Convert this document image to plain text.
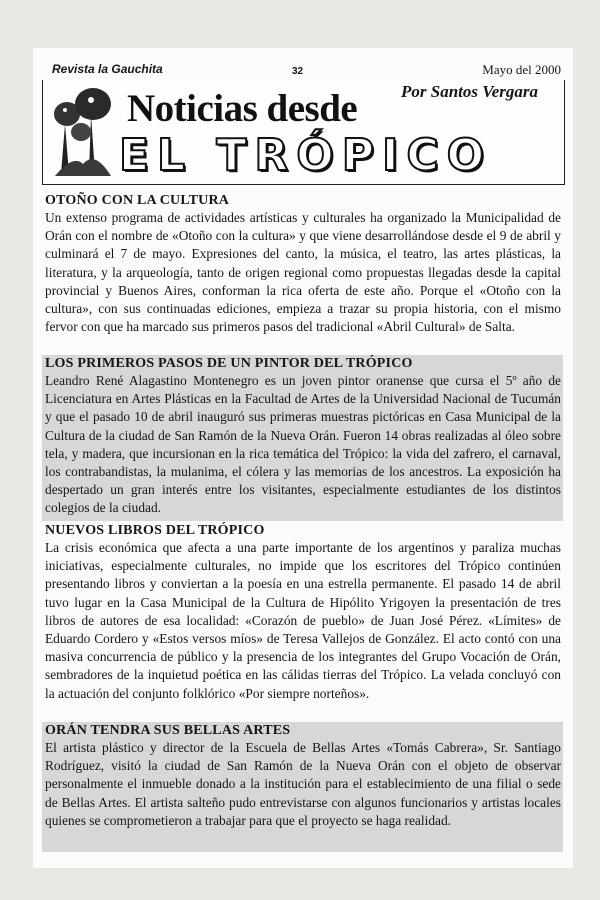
Revista la Gauchita	32	Mayo del 2000
Noticias desde	Por Santos Vergara
EL TRÓPICO
OTOÑO CON LA CULTURA

Un extenso programa de actividades artísticas y culturales ha organizado la Municipalidad de Orán con el nombre de «Otoño con la cultura» y que viene desarrollándose desde el 9 de abril y culminará el 7 de mayo. Expresiones del canto, la música, el teatro, las artes plásticas, la literatura, y la arqueología, tanto de origen regional como propuestas llegadas desde la capital provincial y Buenos Aires, conforman la rica oferta de este año. Porque el «Otoño con la cultura», con sus continuadas ediciones, empieza a trazar su propia historia, con el mismo fervor con que ha marcado sus primeros pasos del tradicional «Abril Cultural» de Salta.

LOS PRIMEROS PASOS DE UN PINTOR DEL TRÓPICO

Leandro René Alagastino Montenegro es un joven pintor oranense que cursa el 5º año de Licenciatura en Artes Plásticas en la Facultad de Artes de la Universidad Nacional de Tucumán y que el pasado 10 de abril inauguró sus primeras muestras pictóricas en Casa Municipal de la Cultura de la ciudad de San Ramón de la Nueva Orán. Fueron 14 obras realizadas al óleo sobre tela, y madera, que incursionan en la rica temática del Trópico: la vida del zafrero, el carnaval, los contrabandistas, la mulanima, el cólera y las memorias de los ancestros. La exposición ha despertado un gran interés entre los visitantes, especialmente estudiantes de los distintos colegios de la ciudad.

NUEVOS LIBROS DEL TRÓPICO

La crisis económica que afecta a una parte importante de los argentinos y paraliza muchas iniciativas, especialmente culturales, no impide que los escritores del Trópico continúen presentando libros y conviertan a la poesía en una estrella permanente. El pasado 14 de abril tuvo lugar en la Casa Municipal de la Cultura de Hipólito Yrigoyen la presentación de tres libros de autores de esa localidad: «Corazón de pueblo» de Juan José Pérez. «Límites» de Eduardo Cordero y «Estos versos míos» de Teresa Vallejos de González. El acto contó con una masiva concurrencia de público y la presencia de los integrantes del Grupo Vocación de Orán, sembradores de la inquietud poética en las cálidas tierras del Trópico. La velada concluyó con la actuación del conjunto folklórico «Por siempre norteños».

ORÁN TENDRA SUS BELLAS ARTES

El artista plástico y director de la Escuela de Bellas Artes «Tomás Cabrera», Sr. Santiago Rodríguez, visitó la ciudad de San Ramón de la Nueva Orán con el objeto de observar personalmente el inmueble donado a la institución para el establecimiento de una filial o sede de Bellas Artes. El artista salteño pudo entrevistarse con algunos funcionarios y artistas locales quienes se comprometieron a trabajar para que el proyecto se haga realidad.
